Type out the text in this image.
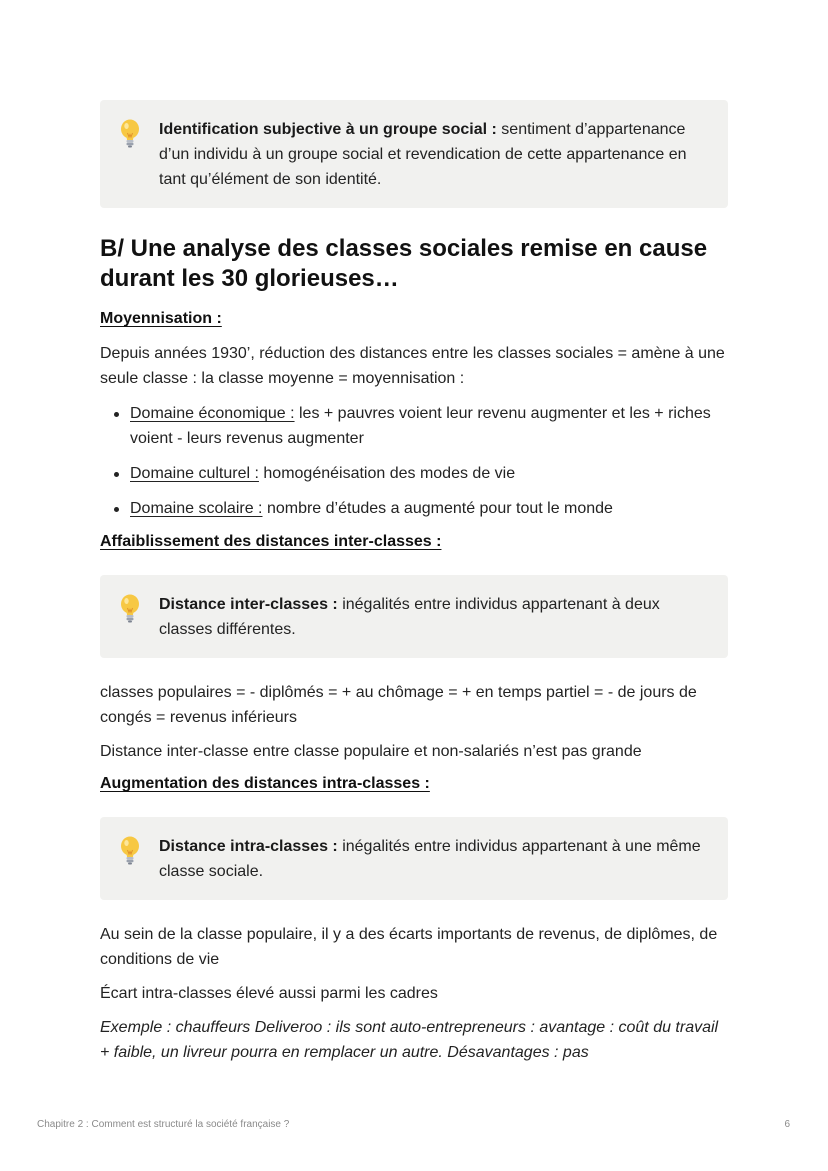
Identification subjective à un groupe social : sentiment d’appartenance d’un individu à un groupe social et revendication de cette appartenance en tant qu’élément de son identité.
B/ Une analyse des classes sociales remise en cause durant les 30 glorieuses…
Moyennisation :

Depuis années 1930’, réduction des distances entre les classes sociales = amène à une seule classe : la classe moyenne = moyennisation :

Domaine économique : les + pauvres voient leur revenu augmenter et les + riches voient - leurs revenus augmenter
Domaine culturel : homogénéisation des modes de vie
Domaine scolaire : nombre d’études a augmenté pour tout le monde
Affaiblissement des distances inter-classes :
Distance inter-classes : inégalités entre individus appartenant à deux classes différentes.

classes populaires = - diplômés = + au chômage = + en temps partiel = - de jours de congés = revenus inférieurs

Distance inter-classe entre classe populaire et non-salariés n’est pas grande

Augmentation des distances intra-classes :
Distance intra-classes : inégalités entre individus appartenant à une même classe sociale.

Au sein de la classe populaire, il y a des écarts importants de revenus, de diplômes, de conditions de vie

Écart intra-classes élevé aussi parmi les cadres

Exemple : chauffeurs Deliveroo : ils sont auto-entrepreneurs : avantage : coût du travail + faible, un livreur pourra en remplacer un autre. Désavantages : pas

Chapitre 2 : Comment est structuré la société française ?	6
